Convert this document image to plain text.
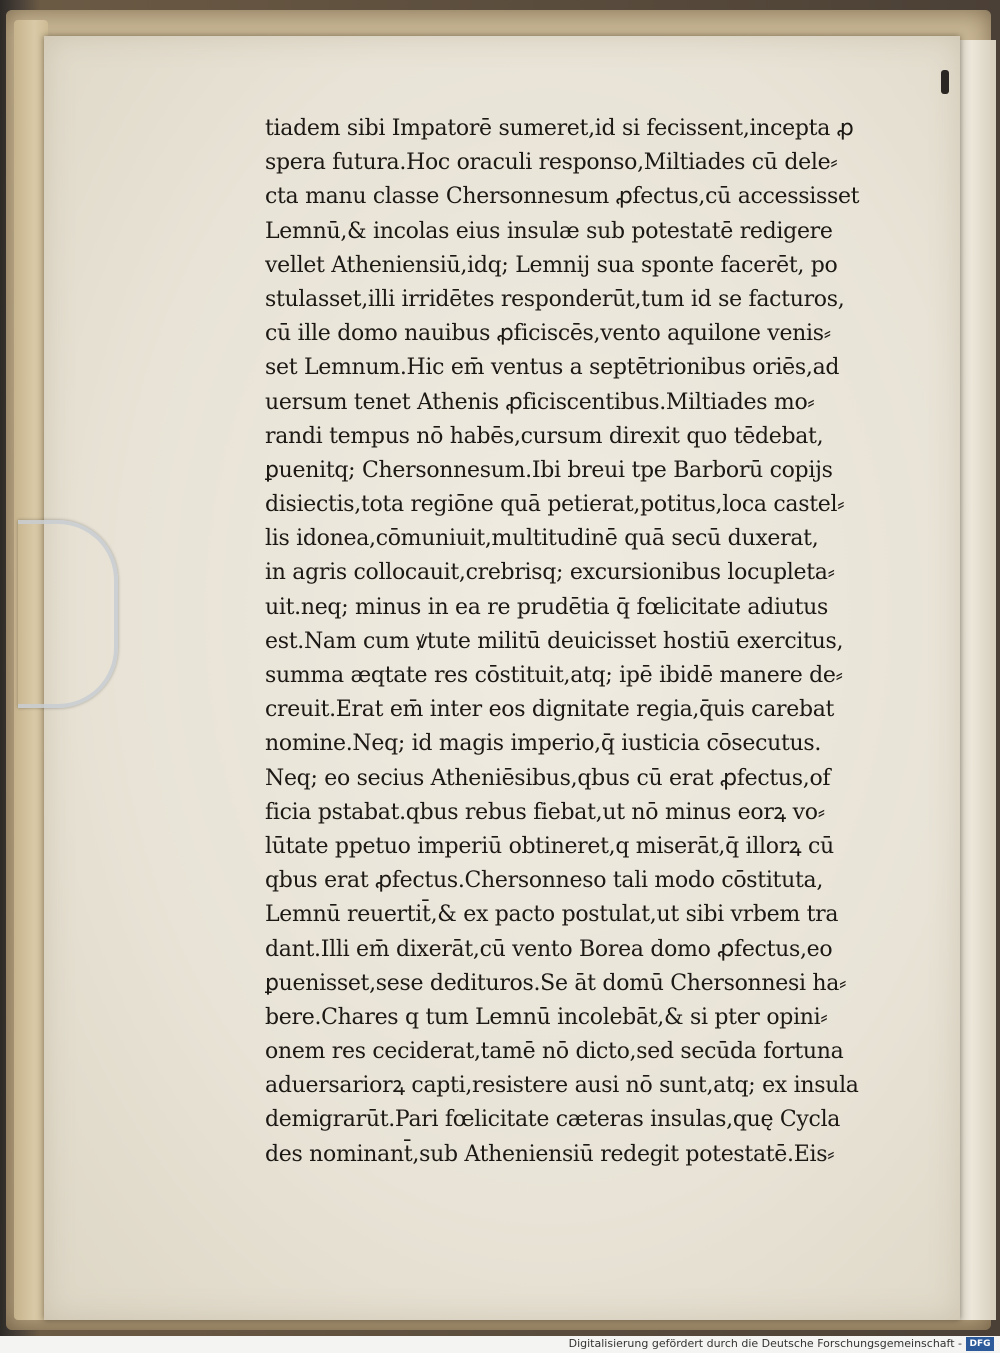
tiadem sibi Impatorē sumeret,id si fecissent,incepta ꝓ
spera futura.Hoc oraculi responso,Miltiades cū dele⸗
cta manu classe Chersonnesum ꝓfectus,cū accessisset
Lemnū,& incolas eius insulæ sub potestatē redigere
vellet Atheniensiū,idq; Lemnij sua sponte facerēt, po
stulasset,illi irridētes responderūt,tum id se facturos,
cū ille domo nauibus ꝓficiscēs,vento aquilone venis⸗
set Lemnum.Hic em̄ ventus a septētrionibus oriēs,ad
uersum tenet Athenis ꝓficiscentibus.Miltiades mo⸗
randi tempus nō habēs,cursum direxit quo tēdebat,
ꝑuenitq; Chersonnesum.Ibi breui tpe Barborū copijs
disiectis,tota regiōne quā petierat,potitus,loca castel⸗
lis idonea,cōmuniuit,multitudinē quā secū duxerat,
in agris collocauit,crebrisq; excursionibus locupleta⸗
uit.neq; minus in ea re prudētia q̄ fœlicitate adiutus
est.Nam cum ꝟtute militū deuicisset hostiū exercitus,
summa æqtate res cōstituit,atq; ipē ibidē manere de⸗
creuit.Erat em̄ inter eos dignitate regia,q̄uis carebat
nomine.Neq; id magis imperio,q̄ iusticia cōsecutus.
Neq; eo secius Atheniēsibus,qbus cū erat ꝓfectus,of
ficia pstabat.qbus rebus fiebat,ut nō minus eorꝝ vo⸗
lūtate ppetuo imperiū obtineret,q miserāt,q̄ illorꝝ cū
qbus erat ꝓfectus.Chersonneso tali modo cōstituta,
Lemnū reuertit̄,& ex pacto postulat,ut sibi vrbem tra
dant.Illi em̄ dixerāt,cū vento Borea domo ꝓfectus,eo
ꝑuenisset,sese dedituros.Se āt domū Chersonnesi ha⸗
bere.Chares q tum Lemnū incolebāt,& si pter opini⸗
onem res ceciderat,tamē nō dicto,sed secūda fortuna
aduersariorꝝ capti,resistere ausi nō sunt,atq; ex insula
demigrarūt.Pari fœlicitate cæteras insulas,quę Cycla
des nominant̄,sub Atheniensiū redegit potestatē.Eis⸗
Digitalisierung gefördert durch die Deutsche Forschungsgemeinschaft - DFG
